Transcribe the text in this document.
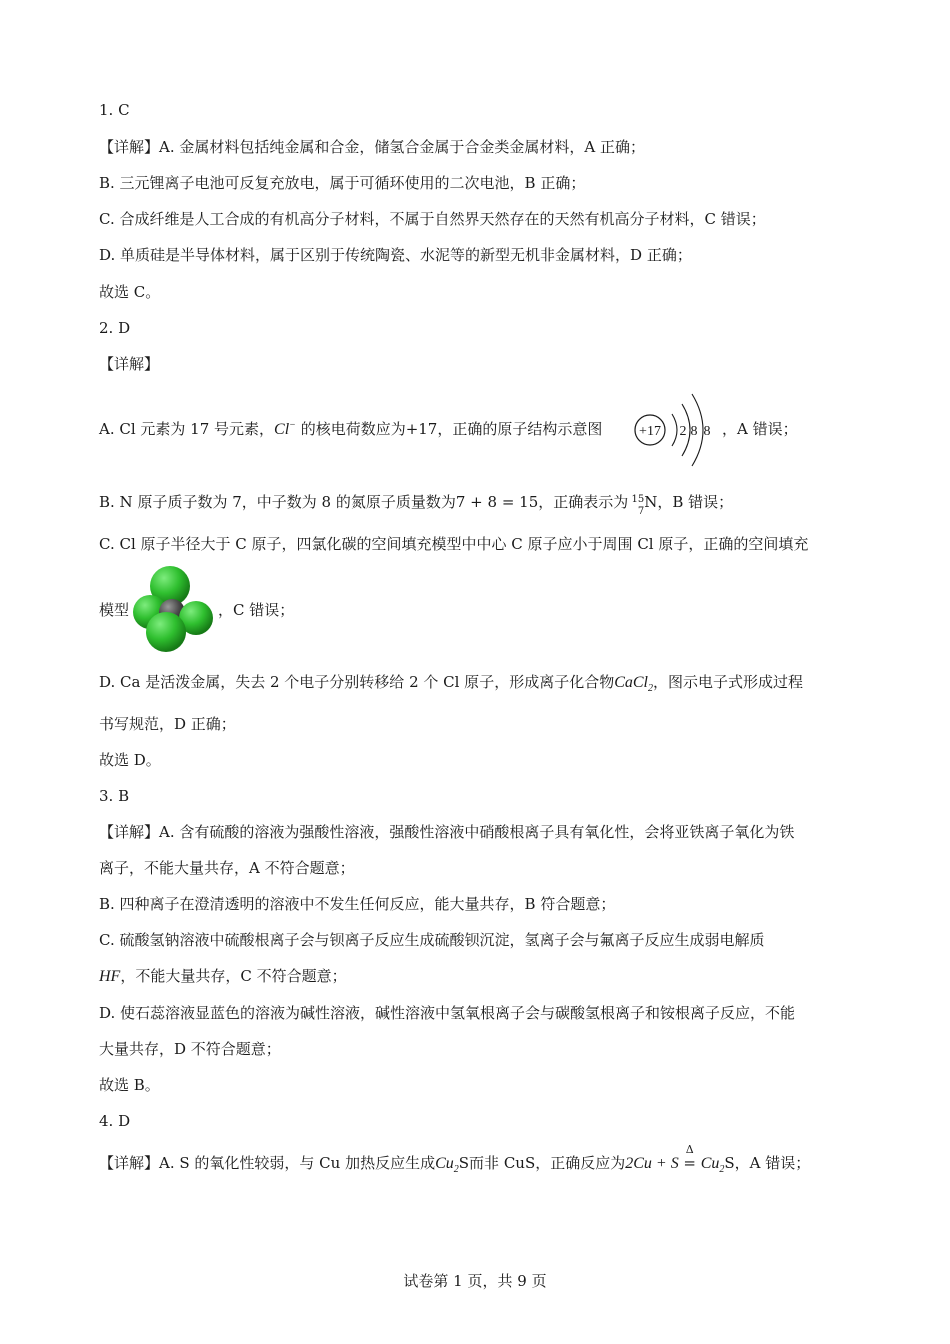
1. C
【详解】A. 金属材料包括纯金属和合金，储氢合金属于合金类金属材料，A 正确；
B. 三元锂离子电池可反复充放电，属于可循环使用的二次电池，B 正确；
C. 合成纤维是人工合成的有机高分子材料，不属于自然界天然存在的天然有机高分子材料，C 错误；
D. 单质硅是半导体材料，属于区别于传统陶瓷、水泥等的新型无机非金属材料，D 正确；
故选 C。
2. D
【详解】
A. Cl 元素为 17 号元素，Cl− 的核电荷数应为+17，正确的原子结构示意图	+17 2 8 8 ，A 错误；
B. N 原子质子数为 7，中子数为 8 的氮原子质量数为7 + 8 = 15，正确表示为 15
7
N，B 错误；
C. Cl 原子半径大于 C 原子，四氯化碳的空间填充模型中中心 C 原子应小于周围 Cl 原子，正确的空间填充
模型	，C 错误；
D. Ca 是活泼金属，失去 2 个电子分别转移给 2 个 Cl 原子，形成离子化合物CaCl$_2$，图示电子式形成过程
书写规范，D 正确；
故选 D。
3. B
【详解】A. 含有硫酸的溶液为强酸性溶液，强酸性溶液中硝酸根离子具有氧化性，会将亚铁离子氧化为铁
离子，不能大量共存，A 不符合题意；
B. 四种离子在澄清透明的溶液中不发生任何反应，能大量共存，B 符合题意；
C. 硫酸氢钠溶液中硫酸根离子会与钡离子反应生成硫酸钡沉淀，氢离子会与氟离子反应生成弱电解质
HF，不能大量共存，C 不符合题意；
D. 使石蕊溶液显蓝色的溶液为碱性溶液，碱性溶液中氢氧根离子会与碳酸氢根离子和铵根离子反应，不能
大量共存，D 不符合题意；
故选 B。
4. D
【详解】A. S 的氧化性较弱，与 Cu 加热反应生成$Cu_2S$而非 CuS，正确反应为2Cu + S
Δ
= $Cu_2S$，A 错误；
试卷第 1 页，共 9 页
